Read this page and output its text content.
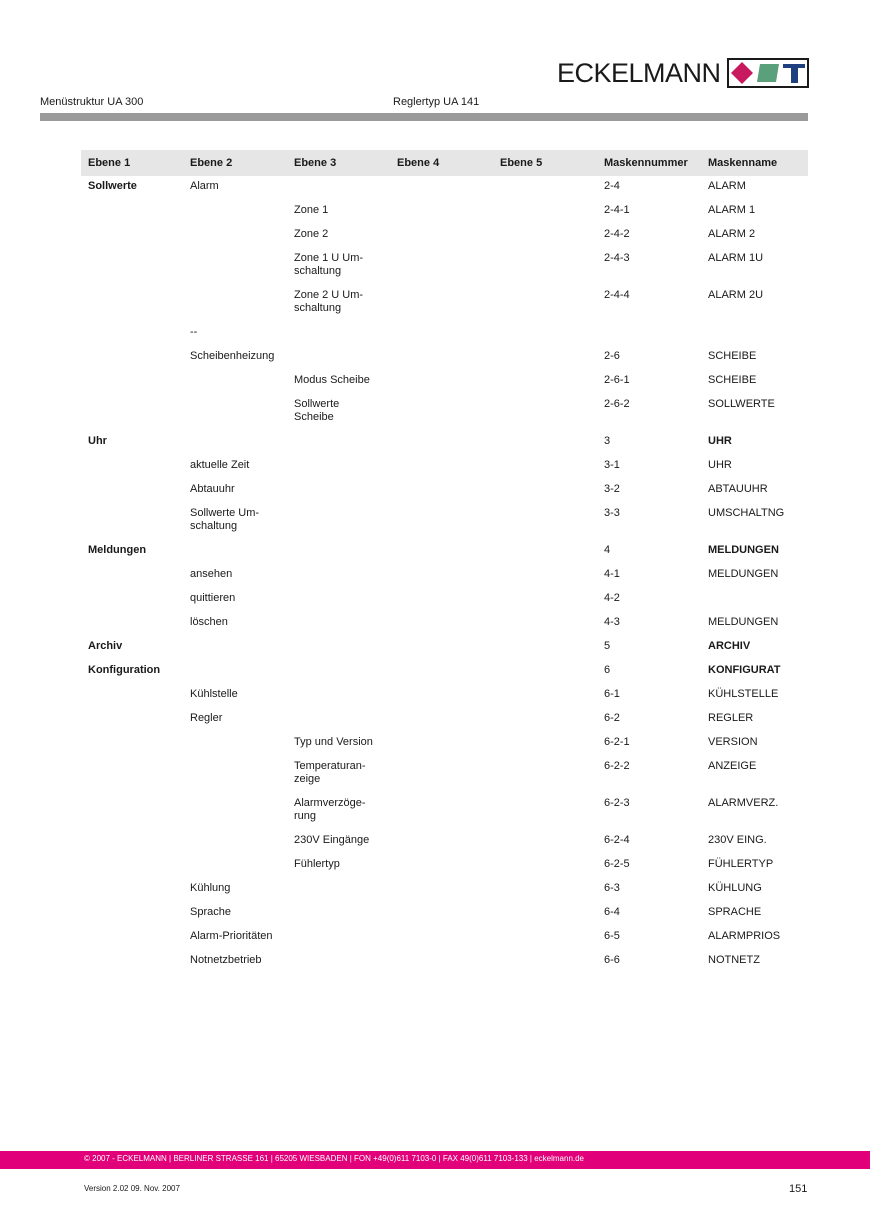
ECKELMANN
Menüstruktur UA 300	Reglertyp UA 141
Ebene 1	Ebene 2	Ebene 3	Ebene 4	Ebene 5	Maskennummer	Maskenname
Sollwerte	Alarm				2-4	ALARM
		Zone 1			2-4-1	ALARM 1
		Zone 2			2-4-2	ALARM 2
		Zone 1 U Um-schaltung			2-4-3	ALARM 1U
		Zone 2 U Um-schaltung			2-4-4	ALARM 2U
	--					
	Scheibenheizung				2-6	SCHEIBE
		Modus Scheibe			2-6-1	SCHEIBE
		Sollwerte Scheibe			2-6-2	SOLLWERTE
Uhr					3	UHR
	aktuelle Zeit				3-1	UHR
	Abtauuhr				3-2	ABTAUUHR
	Sollwerte Um-schaltung				3-3	UMSCHALTNG
Meldungen					4	MELDUNGEN
	ansehen				4-1	MELDUNGEN
	quittieren				4-2	
	löschen				4-3	MELDUNGEN
Archiv					5	ARCHIV
Konfiguration					6	KONFIGURAT
	Kühlstelle				6-1	KÜHLSTELLE
	Regler				6-2	REGLER
		Typ und Version			6-2-1	VERSION
		Temperaturan-zeige			6-2-2	ANZEIGE
		Alarmverzöge-rung			6-2-3	ALARMVERZ.
		230V Eingänge			6-2-4	230V EING.
		Fühlertyp			6-2-5	FÜHLERTYP
	Kühlung				6-3	KÜHLUNG
	Sprache				6-4	SPRACHE
	Alarm-Prioritäten				6-5	ALARMPRIOS
	Notnetzbetrieb				6-6	NOTNETZ
© 2007 - ECKELMANN | BERLINER STRASSE 161 | 65205 WIESBADEN | FON +49(0)611 7103-0 | FAX 49(0)611 7103-133 | eckelmann.de
Version 2.02 09. Nov. 2007	151
